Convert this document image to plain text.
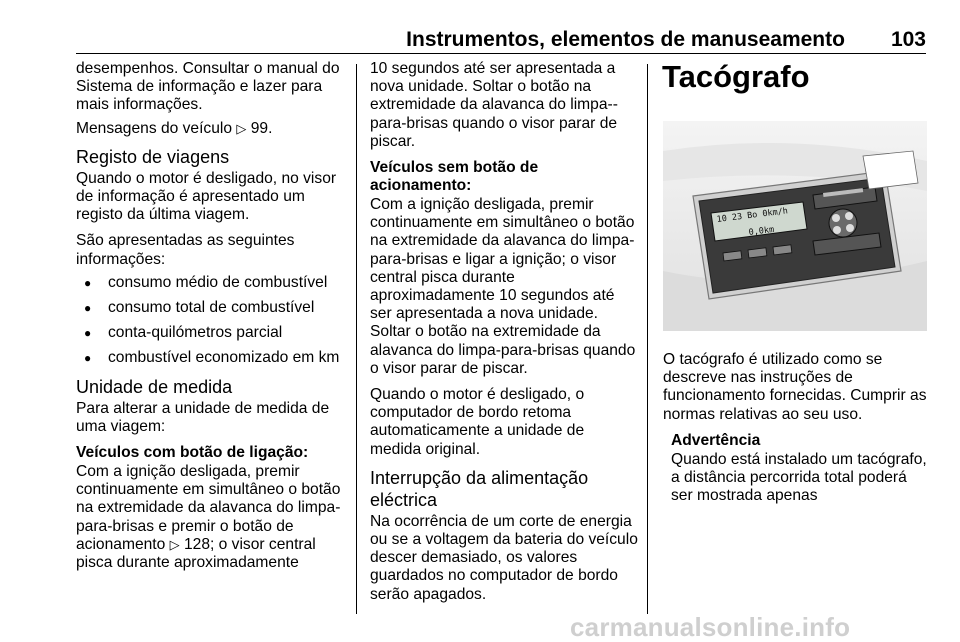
Instrumentos, elementos de manuseamento 103

desempenhos. Consultar o manual do Sistema de informação e lazer para mais informações.

Mensagens do veículo ▷ 99.

Registo de viagens

Quando o motor é desligado, no visor de informação é apresentado um registo da última viagem.

São apresentadas as seguintes informações:

● consumo médio de combustível
● consumo total de combustível
● conta-quilómetros parcial
● combustível economizado em km
Unidade de medida

Para alterar a unidade de medida de uma viagem:

Veículos com botão de ligação:

Com a ignição desligada, premir continuamente em simultâneo o botão na extremidade da alavanca do limpa-para-brisas e premir o botão de acionamento ▷ 128; o visor central pisca durante aproximadamente

10 segundos até ser apresentada a nova unidade. Soltar o botão na extremidade da alavanca do limpa--para-brisas quando o visor parar de piscar.

Veículos sem botão de acionamento:

Com a ignição desligada, premir continuamente em simultâneo o botão na extremidade da alavanca do limpa-para-brisas e ligar a ignição; o visor central pisca durante aproximadamente 10 segundos até ser apresentada a nova unidade. Soltar o botão na extremidade da alavanca do limpa-para-brisas quando o visor parar de piscar.

Quando o motor é desligado, o computador de bordo retoma automaticamente a unidade de medida original.

Interrupção da alimentação eléctrica

Na ocorrência de um corte de energia ou se a voltagem da bateria do veículo descer demasiado, os valores guardados no computador de bordo serão apagados.

Tacógrafo
10 23 Bo 0km/h
0,0km

O tacógrafo é utilizado como se descreve nas instruções de funcionamento fornecidas. Cumprir as normas relativas ao seu uso.

Advertência

Quando está instalado um tacógrafo, a distância percorrida total poderá ser mostrada apenas

carmanualsonline.info
